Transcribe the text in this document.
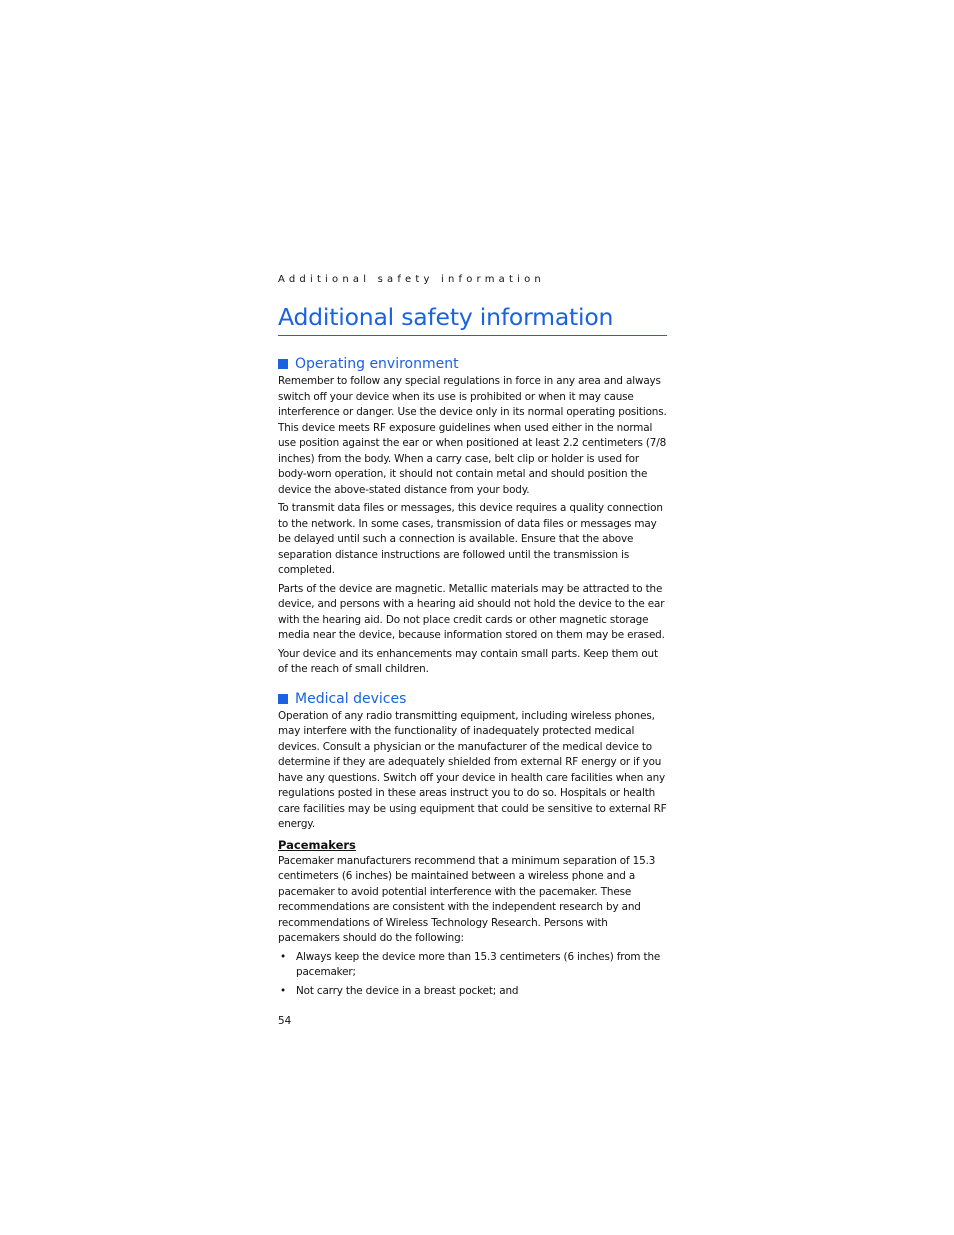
Additional safety information
Additional safety information
Operating environment

Remember to follow any special regulations in force in any area and always switch off your device when its use is prohibited or when it may cause interference or danger. Use the device only in its normal operating positions. This device meets RF exposure guidelines when used either in the normal use position against the ear or when positioned at least 2.2 centimeters (7/8 inches) from the body. When a carry case, belt clip or holder is used for body-worn operation, it should not contain metal and should position the device the above-stated distance from your body.

To transmit data files or messages, this device requires a quality connection to the network. In some cases, transmission of data files or messages may be delayed until such a connection is available. Ensure that the above separation distance instructions are followed until the transmission is completed.

Parts of the device are magnetic. Metallic materials may be attracted to the device, and persons with a hearing aid should not hold the device to the ear with the hearing aid. Do not place credit cards or other magnetic storage media near the device, because information stored on them may be erased.

Your device and its enhancements may contain small parts. Keep them out of the reach of small children.

Medical devices

Operation of any radio transmitting equipment, including wireless phones, may interfere with the functionality of inadequately protected medical devices. Consult a physician or the manufacturer of the medical device to determine if they are adequately shielded from external RF energy or if you have any questions. Switch off your device in health care facilities when any regulations posted in these areas instruct you to do so. Hospitals or health care facilities may be using equipment that could be sensitive to external RF energy.

Pacemakers

Pacemaker manufacturers recommend that a minimum separation of 15.3 centimeters (6 inches) be maintained between a wireless phone and a pacemaker to avoid potential interference with the pacemaker. These recommendations are consistent with the independent research by and recommendations of Wireless Technology Research. Persons with pacemakers should do the following:

• Always keep the device more than 15.3 centimeters (6 inches) from the pacemaker;
• Not carry the device in a breast pocket; and
54
